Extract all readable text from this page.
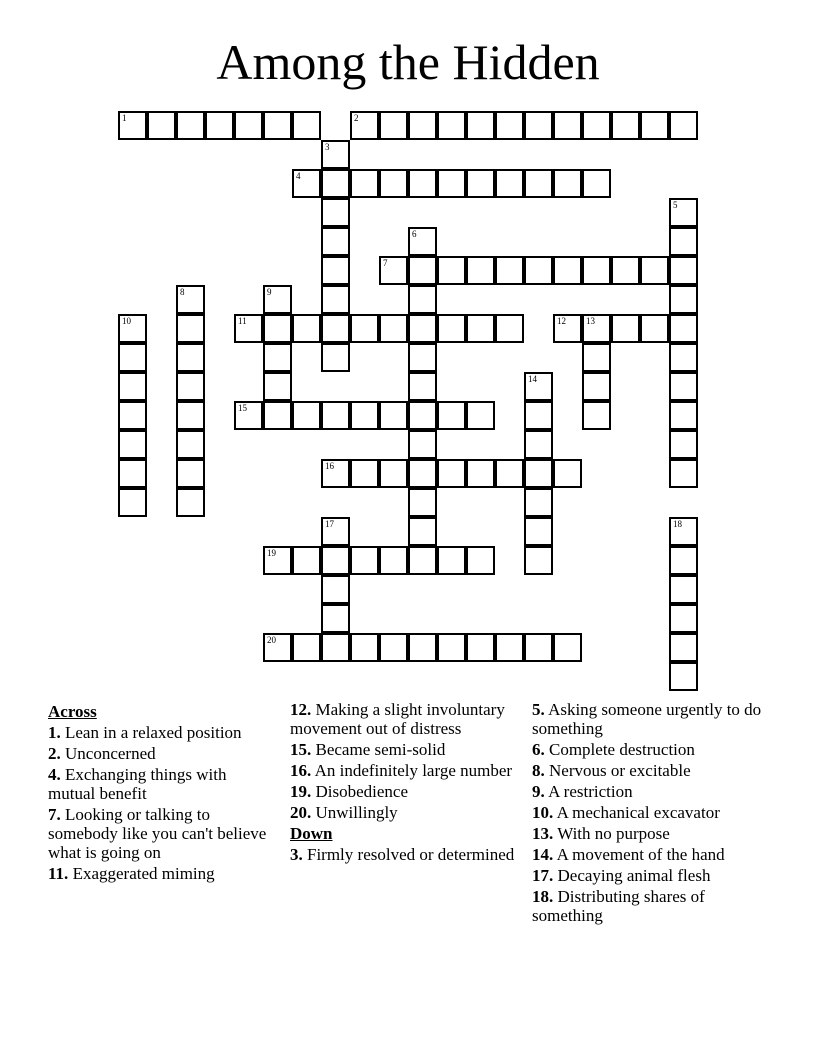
Among the Hidden
1	2
3
4
5
6
7
8	9
10	11	12 13
14
15
16
17	18
19
20
Across
1. Lean in a relaxed position
2. Unconcerned
4. Exchanging things with mutual benefit
7. Looking or talking to somebody like you can't believe what is going on
11. Exaggerated miming
12. Making a slight involuntary movement out of distress
15. Became semi-solid
16. An indefinitely large number
19. Disobedience
20. Unwillingly
Down
3. Firmly resolved or determined
5. Asking someone urgently to do something
6. Complete destruction
8. Nervous or excitable
9. A restriction
10. A mechanical excavator
13. With no purpose
14. A movement of the hand
17. Decaying animal flesh
18. Distributing shares of something
